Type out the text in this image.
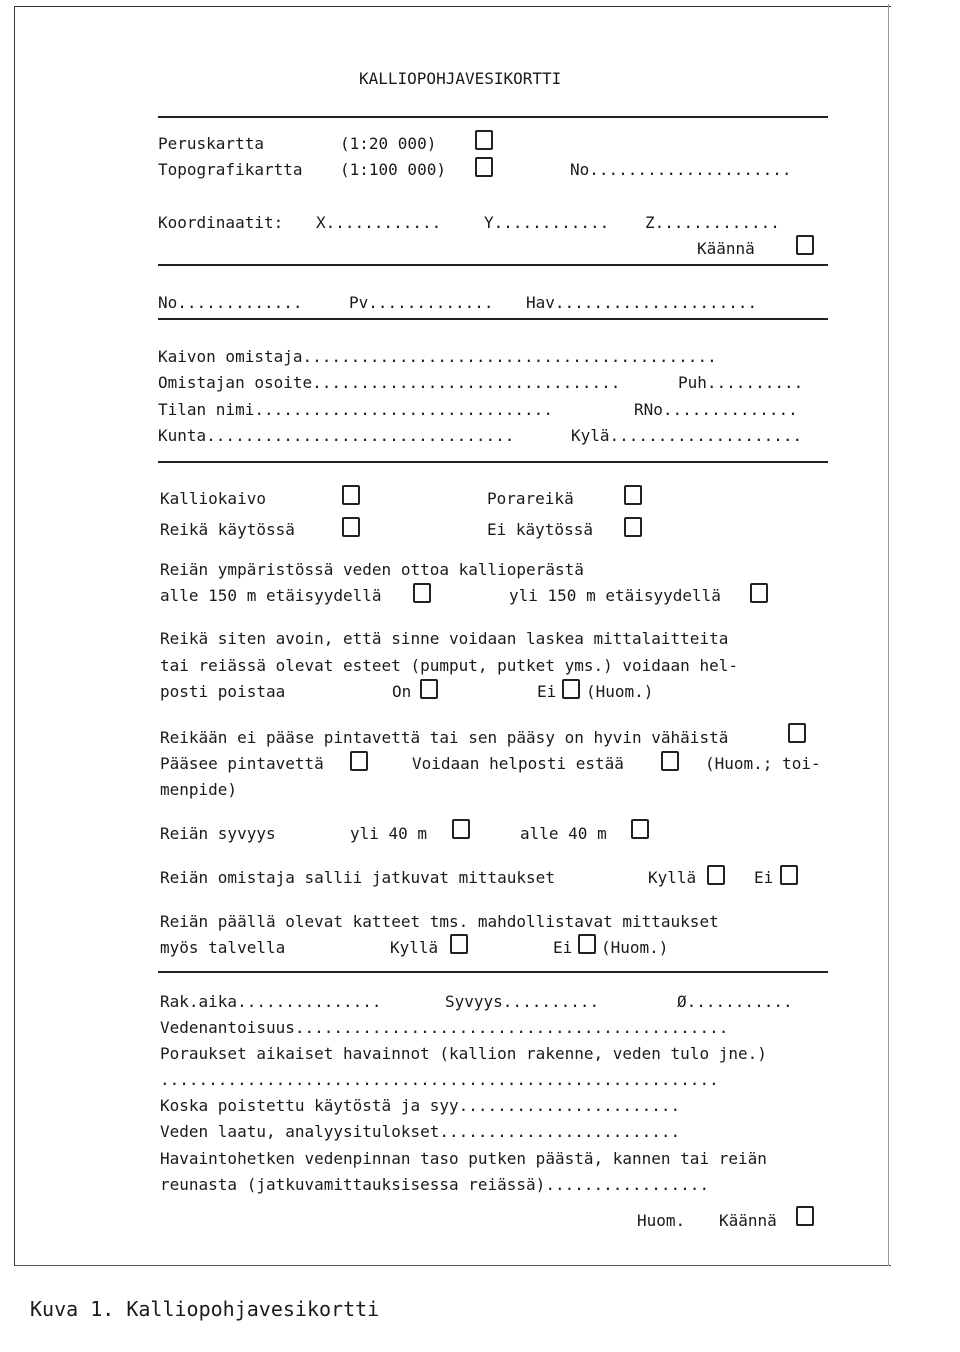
KALLIOPOHJAVESIKORTTI
Peruskartta	(1:20 000)
Topografikartta (1:100 000)	No.....................
Koordinaatit: X............	Y............ Z.............
Käännä
No.............	Pv............. Hav.....................
Kaivon omistaja...........................................
Omistajan osoite................................	Puh..........
Tilan nimi...............................	RNo..............
Kunta................................	Kylä....................
Kalliokaivo	Porareikä
Reikä käytössä	Ei käytössä
Reiän ympäristössä veden ottoa kallioperästä
alle 150 m etäisyydellä	yli 150 m etäisyydellä
Reikä siten avoin, että sinne voidaan laskea mittalaitteita
tai reiässä olevat esteet (pumput, putket yms.) voidaan hel-
posti poistaa	On	Ei (Huom.)
Reikään ei pääse pintavettä tai sen pääsy on hyvin vähäistä
Pääsee pintavettä	Voidaan helposti estää	(Huom.; toi-
menpide)
Reiän syvyys	yli 40 m	alle 40 m
Reiän omistaja sallii jatkuvat mittaukset	Kyllä	Ei
Reiän päällä olevat katteet tms. mahdollistavat mittaukset
myös talvella	Kyllä	Ei (Huom.)
Rak.aika...............	Syvyys..........	Ø...........
Vedenantoisuus.............................................
Poraukset aikaiset havainnot (kallion rakenne, veden tulo jne.)
..........................................................
Koska poistettu käytöstä ja syy.......................
Veden laatu, analyysitulokset.........................
Havaintohetken vedenpinnan taso putken päästä, kannen tai reiän
reunasta (jatkuvamittauksisessa reiässä).................
Huom. Käännä
Kuva 1. Kalliopohjavesikortti
